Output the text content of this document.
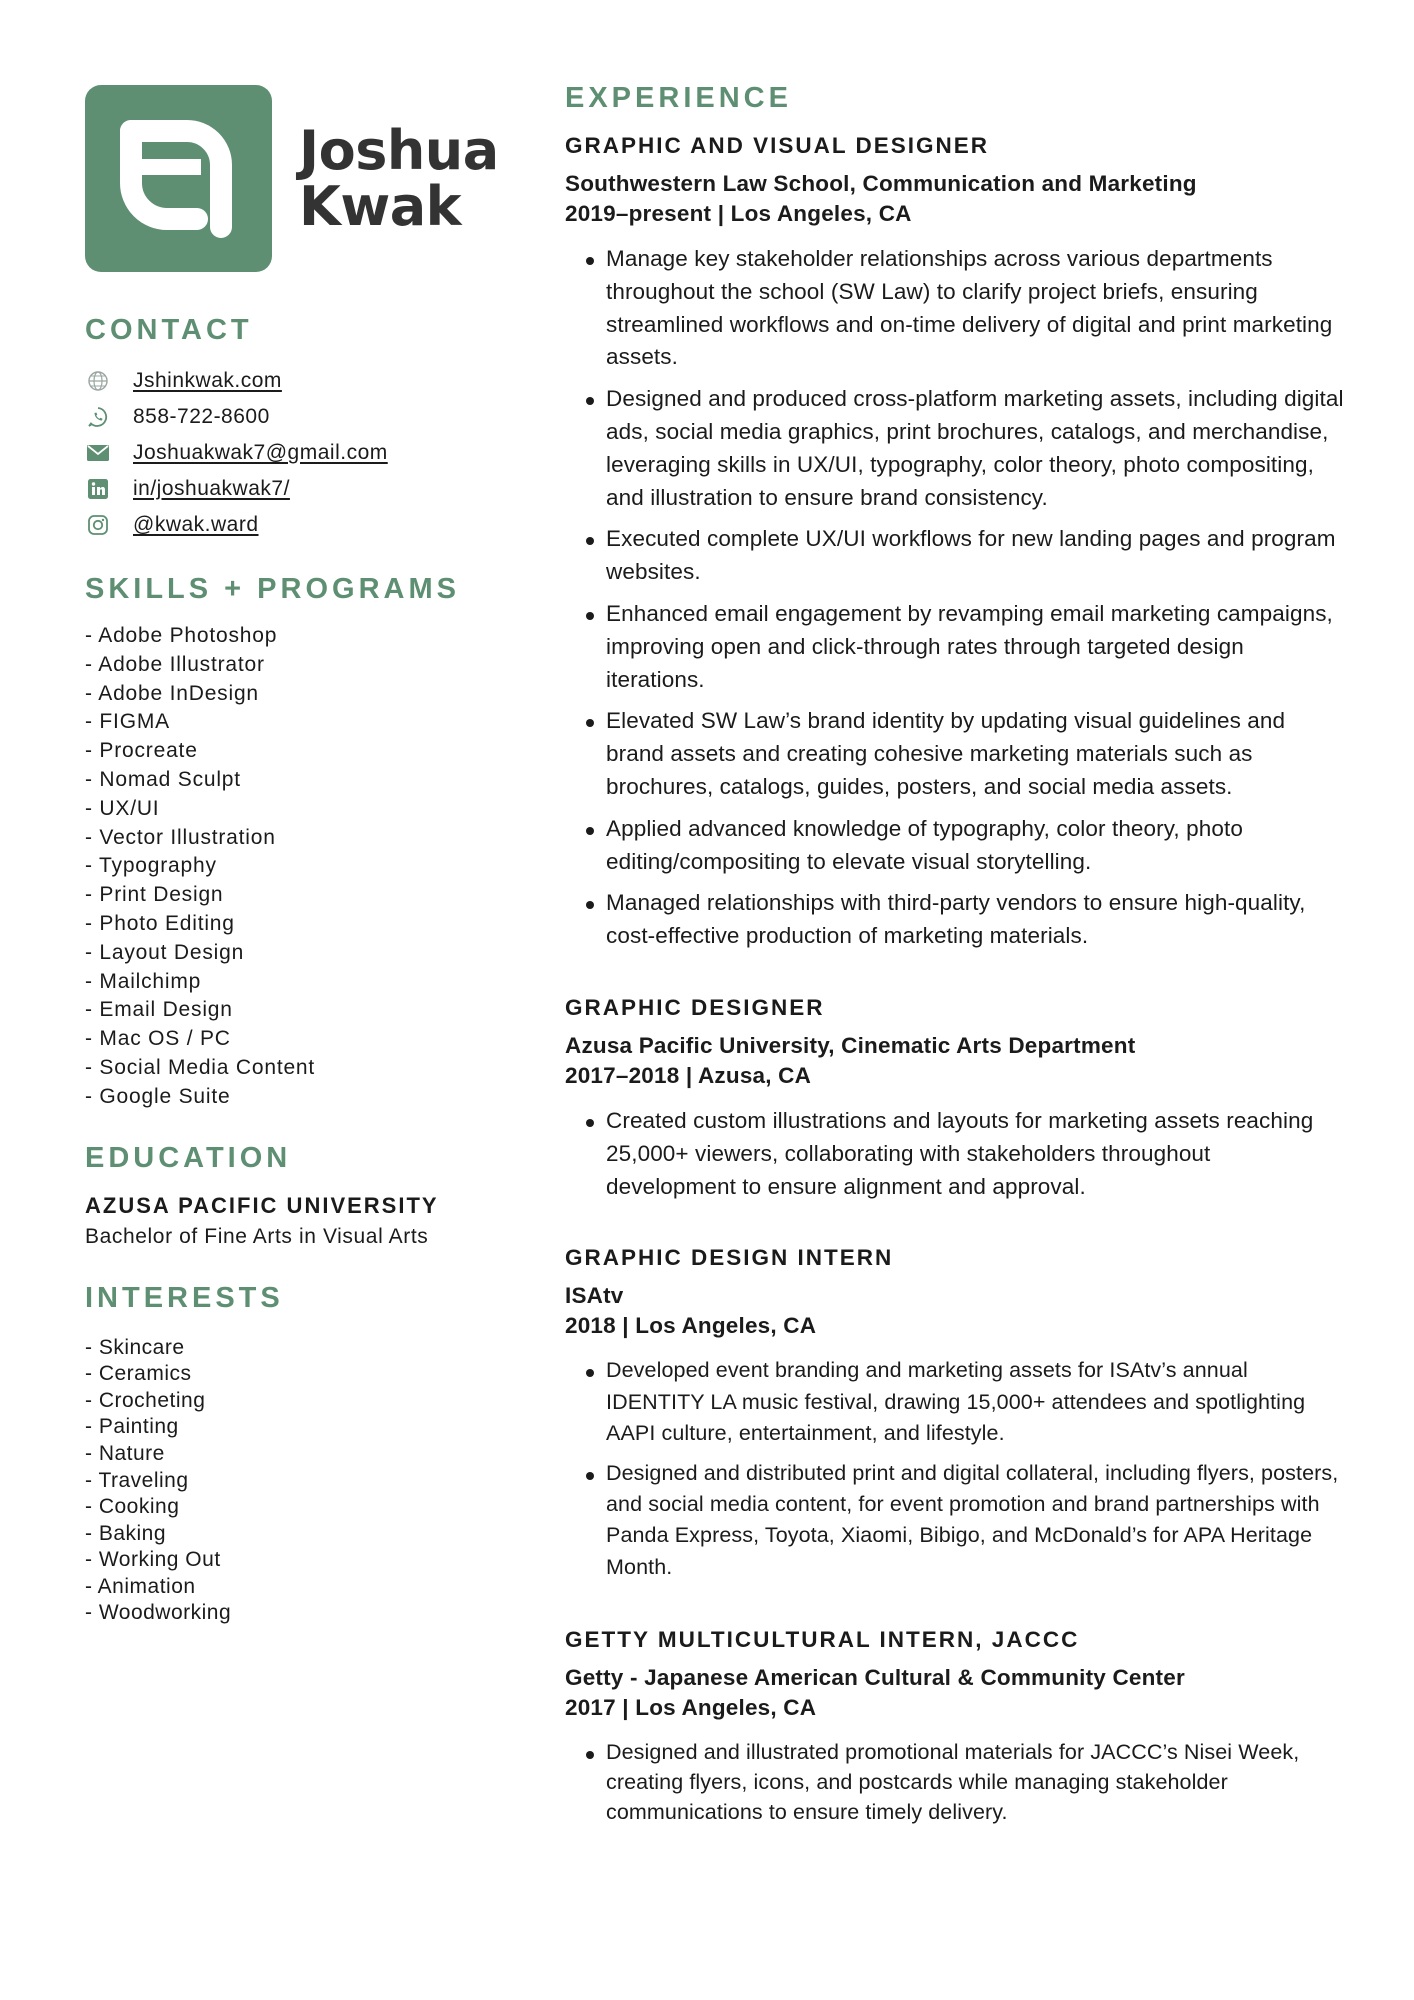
Joshua
Kwak
CONTACT
Jshinkwak.com
858-722-8600
Joshuakwak7@gmail.com
in/joshuakwak7/
@kwak.ward
SKILLS + PROGRAMS
- Adobe Photoshop
- Adobe Illustrator
- Adobe InDesign
- FIGMA
- Procreate
- Nomad Sculpt
- UX/UI
- Vector Illustration
- Typography
- Print Design
- Photo Editing
- Layout Design
- Mailchimp
- Email Design
- Mac OS / PC
- Social Media Content
- Google Suite
EDUCATION
AZUSA PACIFIC UNIVERSITY
Bachelor of Fine Arts in Visual Arts
INTERESTS
- Skincare
- Ceramics
- Crocheting
- Painting
- Nature
- Traveling
- Cooking
- Baking
- Working Out
- Animation
- Woodworking
EXPERIENCE
GRAPHIC AND VISUAL DESIGNER
Southwestern Law School, Communication and Marketing
2019–present | Los Angeles, CA
Manage key stakeholder relationships across various departments throughout the school (SW Law) to clarify project briefs, ensuring streamlined workflows and on-time delivery of digital and print marketing assets.
Designed and produced cross-platform marketing assets, including digital ads, social media graphics, print brochures, catalogs, and merchandise, leveraging skills in UX/UI, typography, color theory, photo compositing, and illustration to ensure brand consistency.
Executed complete UX/UI workflows for new landing pages and program websites.
Enhanced email engagement by revamping email marketing campaigns, improving open and click-through rates through targeted design iterations.
Elevated SW Law’s brand identity by updating visual guidelines and brand assets and creating cohesive marketing materials such as brochures, catalogs, guides, posters, and social media assets.
Applied advanced knowledge of typography, color theory, photo editing/compositing to elevate visual storytelling.
Managed relationships with third-party vendors to ensure high-quality, cost-effective production of marketing materials.
GRAPHIC DESIGNER
Azusa Pacific University, Cinematic Arts Department
2017–2018 | Azusa, CA
Created custom illustrations and layouts for marketing assets reaching 25,000+ viewers, collaborating with stakeholders throughout development to ensure alignment and approval.
GRAPHIC DESIGN INTERN
ISAtv
2018 | Los Angeles, CA
Developed event branding and marketing assets for ISAtv’s annual IDENTITY LA music festival, drawing 15,000+ attendees and spotlighting AAPI culture, entertainment, and lifestyle.
Designed and distributed print and digital collateral, including flyers, posters, and social media content, for event promotion and brand partnerships with Panda Express, Toyota, Xiaomi, Bibigo, and McDonald’s for APA Heritage Month.
GETTY MULTICULTURAL INTERN, JACCC
Getty - Japanese American Cultural & Community Center
2017 | Los Angeles, CA
Designed and illustrated promotional materials for JACCC’s Nisei Week, creating flyers, icons, and postcards while managing stakeholder communications to ensure timely delivery.
